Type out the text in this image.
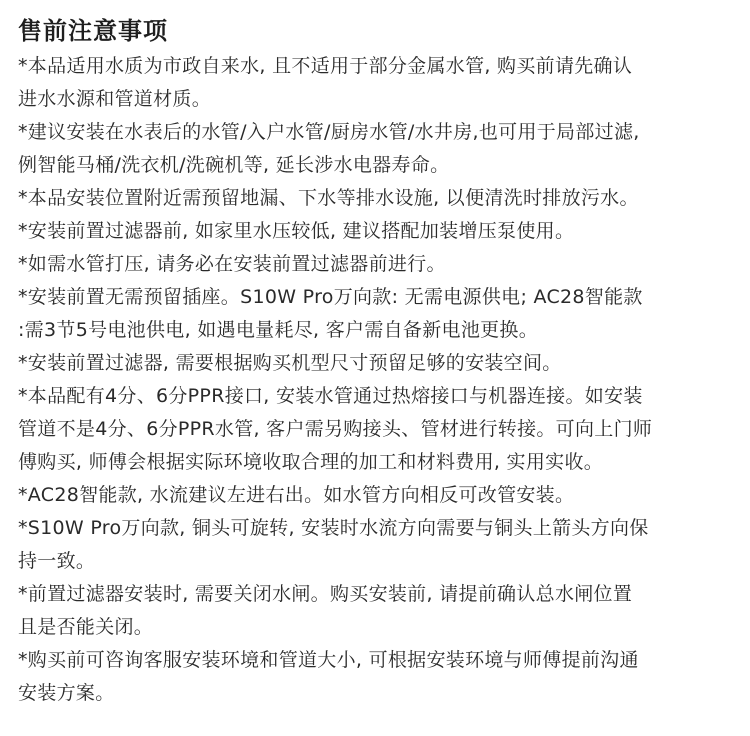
售前注意事项
*本品适用水质为市政自来水, 且不适用于部分金属水管, 购买前请先确认
进水水源和管道材质。
*建议安装在水表后的水管/入户水管/厨房水管/水井房,也可用于局部过滤,
例智能马桶/洗衣机/洗碗机等, 延长涉水电器寿命。
*本品安装位置附近需预留地漏、下水等排水设施, 以便清洗时排放污水。
*安装前置过滤器前, 如家里水压较低, 建议搭配加装增压泵使用。
*如需水管打压, 请务必在安装前置过滤器前进行。
*安装前置无需预留插座。S10W Pro万向款: 无需电源供电; AC28智能款
:需3节5号电池供电, 如遇电量耗尽, 客户需自备新电池更换。
*安装前置过滤器, 需要根据购买机型尺寸预留足够的安装空间。
*本品配有4分、6分PPR接口, 安装水管通过热熔接口与机器连接。如安装
管道不是4分、6分PPR水管, 客户需另购接头、管材进行转接。可向上门师
傅购买, 师傅会根据实际环境收取合理的加工和材料费用, 实用实收。
*AC28智能款, 水流建议左进右出。如水管方向相反可改管安装。
*S10W Pro万向款, 铜头可旋转, 安装时水流方向需要与铜头上箭头方向保
持一致。
*前置过滤器安装时, 需要关闭水闸。购买安装前, 请提前确认总水闸位置
且是否能关闭。
*购买前可咨询客服安装环境和管道大小, 可根据安装环境与师傅提前沟通
安装方案。
